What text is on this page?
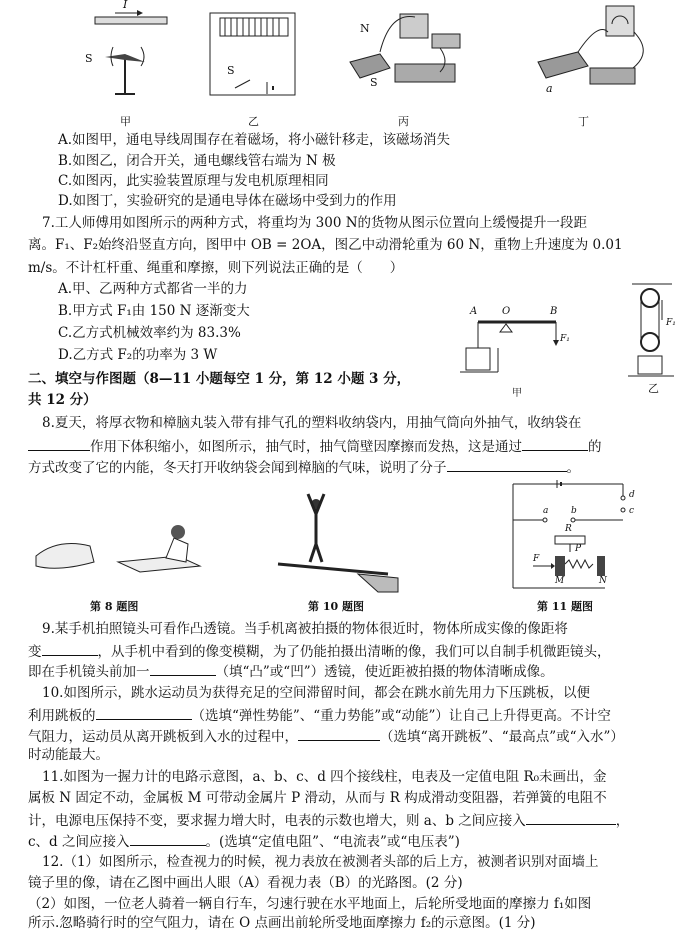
I
S
甲
S
乙
N
S
丙
a
丁
A.如图甲，通电导线周围存在着磁场，将小磁针移走，该磁场消失
B.如图乙，闭合开关，通电螺线管右端为 N 极
C.如图丙，此实验装置原理与发电机原理相同
D.如图丁，实验研究的是通电导体在磁场中受到力的作用
7.工人师傅用如图所示的两种方式，将重均为 300 N的货物从图示位置向上缓慢提升一段距
离。F₁、F₂始终沿竖直方向，图甲中 OB = 2OA，图乙中动滑轮重为 60 N，重物上升速度为 0.01
m/s。不计杠杆重、绳重和摩擦，则下列说法正确的是（　　）
A.甲、乙两种方式都省一半的力
B.甲方式 F₁由 150 N 逐渐变大
C.乙方式机械效率约为 83.3%
D.乙方式 F₂的功率为 3 W
A O	B
F₁
甲
F₁
乙
二、填空与作图题（8—11 小题每空 1 分，第 12 小题 3 分，
共 12 分）
8.夏天，将厚衣物和樟脑丸装入带有排气孔的塑料收纳袋内，用抽气筒向外抽气，收纳袋在
作用下体积缩小，如图所示，抽气时，抽气筒壁因摩擦而发热，这是通过	的
方式改变了它的内能，冬天打开收纳袋会闻到樟脑的气味，说明了分子	。
第 8 题图	第 10 题图
a	b	c
d
R
P
F
M	N
第 11 题图
9.某手机拍照镜头可看作凸透镜。当手机离被拍摄的物体很近时，物体所成实像的像距将
变	，从手机中看到的像变模糊，为了仍能拍摄出清晰的像，我们可以自制手机微距镜头，
即在手机镜头前加一	（填“凸”或“凹”）透镜，使近距被拍摄的物体清晰成像。
10.如图所示，跳水运动员为获得充足的空间滞留时间，都会在跳水前先用力下压跳板，以便
利用跳板的	（选填“弹性势能”、“重力势能”或“动能”）让自己上升得更高。不计空
气阻力，运动员从离开跳板到入水的过程中，	（选填“离开跳板”、“最高点”或“入水”）
时动能最大。
11.如图为一握力计的电路示意图，a、b、c、d 四个接线柱，电表及一定值电阻 R₀未画出，金
属板 N 固定不动，金属板 M 可带动金属片 P 滑动，从而与 R 构成滑动变阻器，若弹簧的电阻不
计，电源电压保持不变，要求握力增大时，电表的示数也增大，则 a、b 之间应接入	，
c、d 之间应接入	。(选填“定值电阻”、“电流表”或“电压表”)
12.（1）如图所示，检查视力的时候，视力表放在被测者头部的后上方，被测者识别对面墙上
镜子里的像，请在乙图中画出人眼（A）看视力表（B）的光路图。(2 分)
（2）如图，一位老人骑着一辆自行车，匀速行驶在水平地面上，后轮所受地面的摩擦力 f₁如图
所示.忽略骑行时的空气阻力，请在 O 点画出前轮所受地面摩擦力 f₂的示意图。(1 分)
